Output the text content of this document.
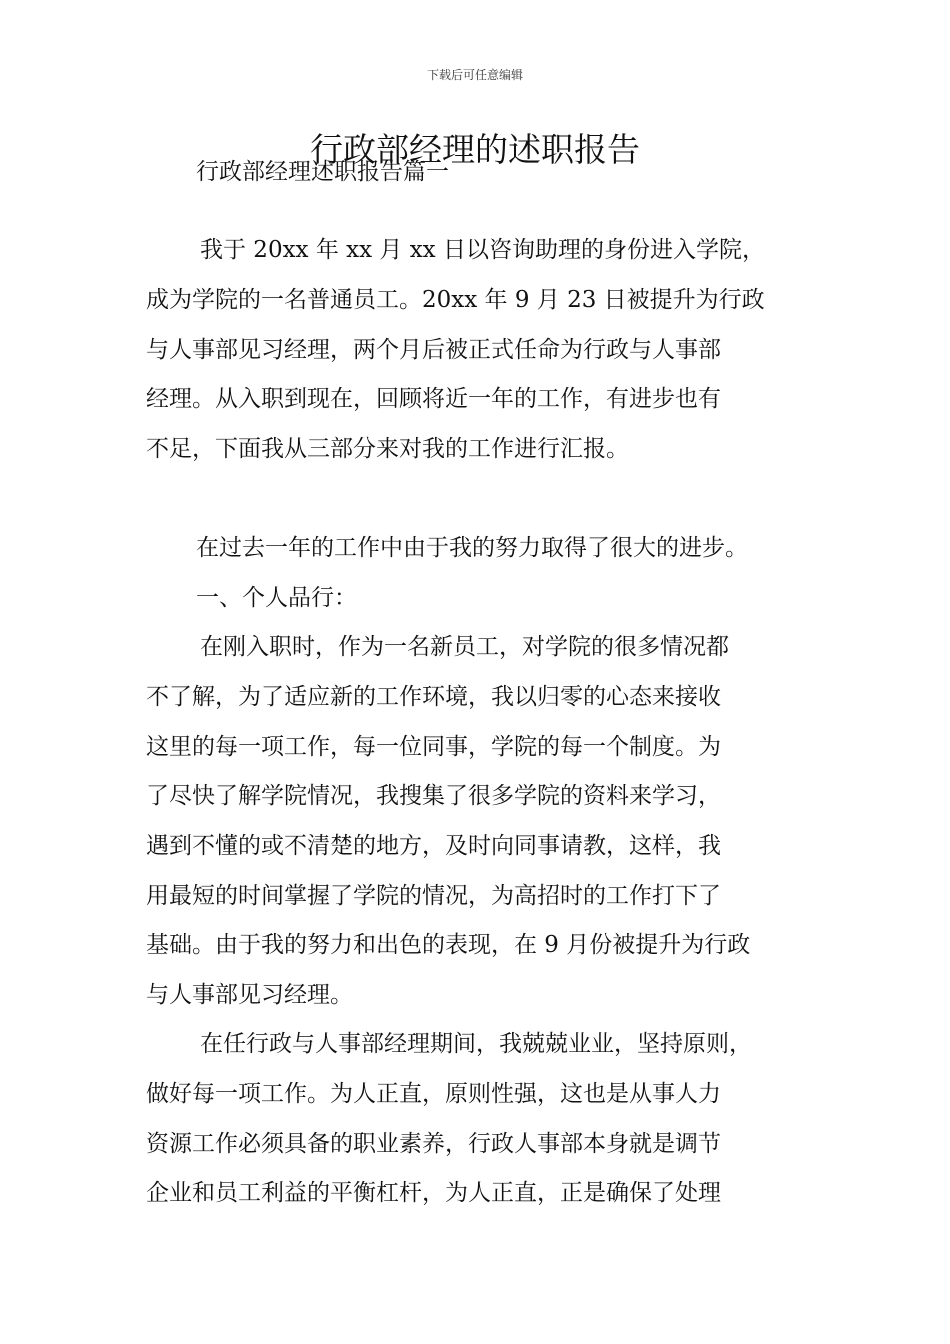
下载后可任意编辑
行政部经理的述职报告

行政部经理述职报告篇一

我于 20xx 年 xx 月 xx 日以咨询助理的身份进入学院，

成为学院的一名普通员工。20xx 年 9 月 23 日被提升为行政

与人事部见习经理，两个月后被正式任命为行政与人事部

经理。从入职到现在，回顾将近一年的工作，有进步也有

不足，下面我从三部分来对我的工作进行汇报。

在过去一年的工作中由于我的努力取得了很大的进步。

一、个人品行：

在刚入职时，作为一名新员工，对学院的很多情况都

不了解，为了适应新的工作环境，我以归零的心态来接收

这里的每一项工作，每一位同事，学院的每一个制度。为

了尽快了解学院情况，我搜集了很多学院的资料来学习，

遇到不懂的或不清楚的地方，及时向同事请教，这样，我

用最短的时间掌握了学院的情况，为高招时的工作打下了

基础。由于我的努力和出色的表现，在 9 月份被提升为行政

与人事部见习经理。

在任行政与人事部经理期间，我兢兢业业，坚持原则，

做好每一项工作。为人正直，原则性强，这也是从事人力

资源工作必须具备的职业素养，行政人事部本身就是调节

企业和员工利益的平衡杠杆，为人正直，正是确保了处理
